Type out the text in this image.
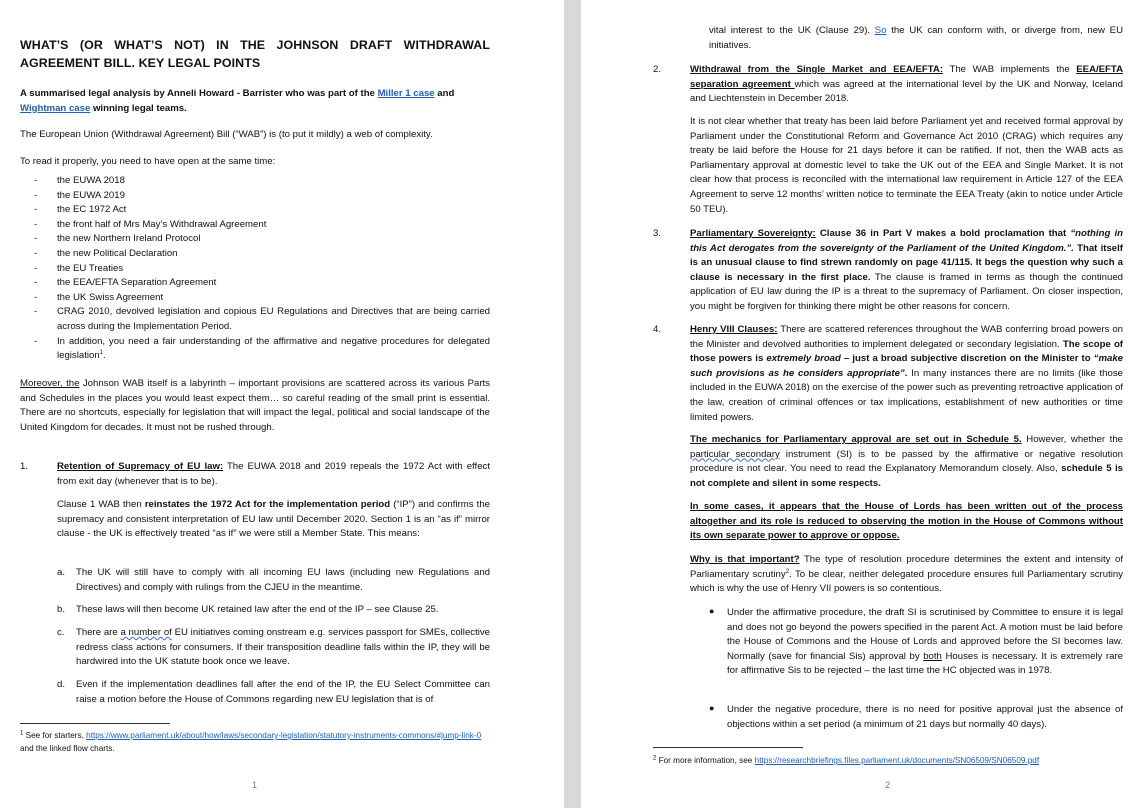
WHAT’S (OR WHAT’S NOT) IN THE JOHNSON DRAFT WITHDRAWAL AGREEMENT BILL. KEY LEGAL POINTS

A summarised legal analysis by Anneli Howard - Barrister who was part of the Miller 1 case and
Wightman case winning legal teams.

The European Union (Withdrawal Agreement) Bill (“WAB”) is (to put it mildly) a web of complexity.

To read it properly, you need to have open at the same time:

- the EUWA 2018
- the EUWA 2019
- the EC 1972 Act
- the front half of Mrs May’s Withdrawal Agreement
- the new Northern Ireland Protocol
- the new Political Declaration
- the EU Treaties
- the EEA/EFTA Separation Agreement
- the UK Swiss Agreement
- CRAG 2010, devolved legislation and copious EU Regulations and Directives that are being carried across during the Implementation Period.
- In addition, you need a fair understanding of the affirmative and negative procedures for delegated legislation$^1$.

Moreover, the Johnson WAB itself is a labyrinth – important provisions are scattered across its various Parts and Schedules in the places you would least expect them… so careful reading of the small print is essential. There are no shortcuts, especially for legislation that will impact the legal, political and social landscape of the United Kingdom for decades. It must not be rushed through.

1.	Retention of Supremacy of EU law: The EUWA 2018 and 2019 repeals the 1972 Act with effect from exit day (whenever that is to be).

Clause 1 WAB then reinstates the 1972 Act for the implementation period (“IP”) and confirms the supremacy and consistent interpretation of EU law until December 2020. Section 1 is an “as if” mirror clause - the UK is effectively treated “as if” we were still a Member State. This means:

a. The UK will still have to comply with all incoming EU laws (including new Regulations and Directives) and comply with rulings from the CJEU in the meantime.

b. These laws will then become UK retained law after the end of the IP – see Clause 25.

c. There are a number of EU initiatives coming onstream e.g. services passport for SMEs, collective redress class actions for consumers. If their transposition deadline falls within the IP, they will be hardwired into the UK statute book once we leave.

d. Even if the implementation deadlines fall after the end of the IP, the EU Select Committee can raise a motion before the House of Commons regarding new EU legislation that is of

$^1$ See for starters, https://www.parliament.uk/about/how/laws/secondary-legislation/statutory-instruments-commons/#jump-link-0 and the linked flow charts.

1

vital interest to the UK (Clause 29). So the UK can conform with, or diverge from, new EU initiatives.

2.	Withdrawal from the Single Market and EEA/EFTA: The WAB implements the EEA/EFTA separation agreement which was agreed at the international level by the UK and Norway, Iceland and Liechtenstein in December 2018.

It is not clear whether that treaty has been laid before Parliament yet and received formal approval by Parliament under the Constitutional Reform and Governance Act 2010 (CRAG) which requires any treaty be laid before the House for 21 days before it can be ratified. If not, then the WAB acts as Parliamentary approval at domestic level to take the UK out of the EEA and Single Market. It is not clear how that process is reconciled with the international law requirement in Article 127 of the EEA Agreement to serve 12 months’ written notice to terminate the EEA Treaty (akin to notice under Article 50 TEU).

3.	Parliamentary Sovereignty: Clause 36 in Part V makes a bold proclamation that “nothing in this Act derogates from the sovereignty of the Parliament of the United Kingdom.”. That itself is an unusual clause to find strewn randomly on page 41/115. It begs the question why such a clause is necessary in the first place. The clause is framed in terms as though the continued application of EU law during the IP is a threat to the supremacy of Parliament. On closer inspection, you might be forgiven for thinking there might be other reasons for concern.

4.	Henry VIII Clauses: There are scattered references throughout the WAB conferring broad powers on the Minister and devolved authorities to implement delegated or secondary legislation. The scope of those powers is extremely broad – just a broad subjective discretion on the Minister to “make such provisions as he considers appropriate”. In many instances there are no limits (like those included in the EUWA 2018) on the exercise of the power such as preventing retroactive application of the law, creation of criminal offences or tax implications, establishment of new authorities or time limited powers.

The mechanics for Parliamentary approval are set out in Schedule 5. However, whether the particular secondary instrument (SI) is to be passed by the affirmative or negative resolution procedure is not clear. You need to read the Explanatory Memorandum closely. Also, schedule 5 is not complete and silent in some respects.

In some cases, it appears that the House of Lords has been written out of the process altogether and its role is reduced to observing the motion in the House of Commons without its own separate power to approve or oppose.

Why is that important? The type of resolution procedure determines the extent and intensity of Parliamentary scrutiny$^2$. To be clear, neither delegated procedure ensures full Parliamentary scrutiny which is why the use of Henry VII powers is so contentious.

● Under the affirmative procedure, the draft SI is scrutinised by Committee to ensure it is legal and does not go beyond the powers specified in the parent Act. A motion must be laid before the House of Commons and the House of Lords and approved before the SI becomes law. Normally (save for financial Sis) approval by both Houses is necessary. It is extremely rare for affirmative Sis to be rejected – the last time the HC objected was in 1978.

● Under the negative procedure, there is no need for positive approval just the absence of objections within a set period (a minimum of 21 days but normally 40 days).

$^2$ For more information, see https://researchbriefings.files.parliament.uk/documents/SN06509/SN06509.pdf

2
